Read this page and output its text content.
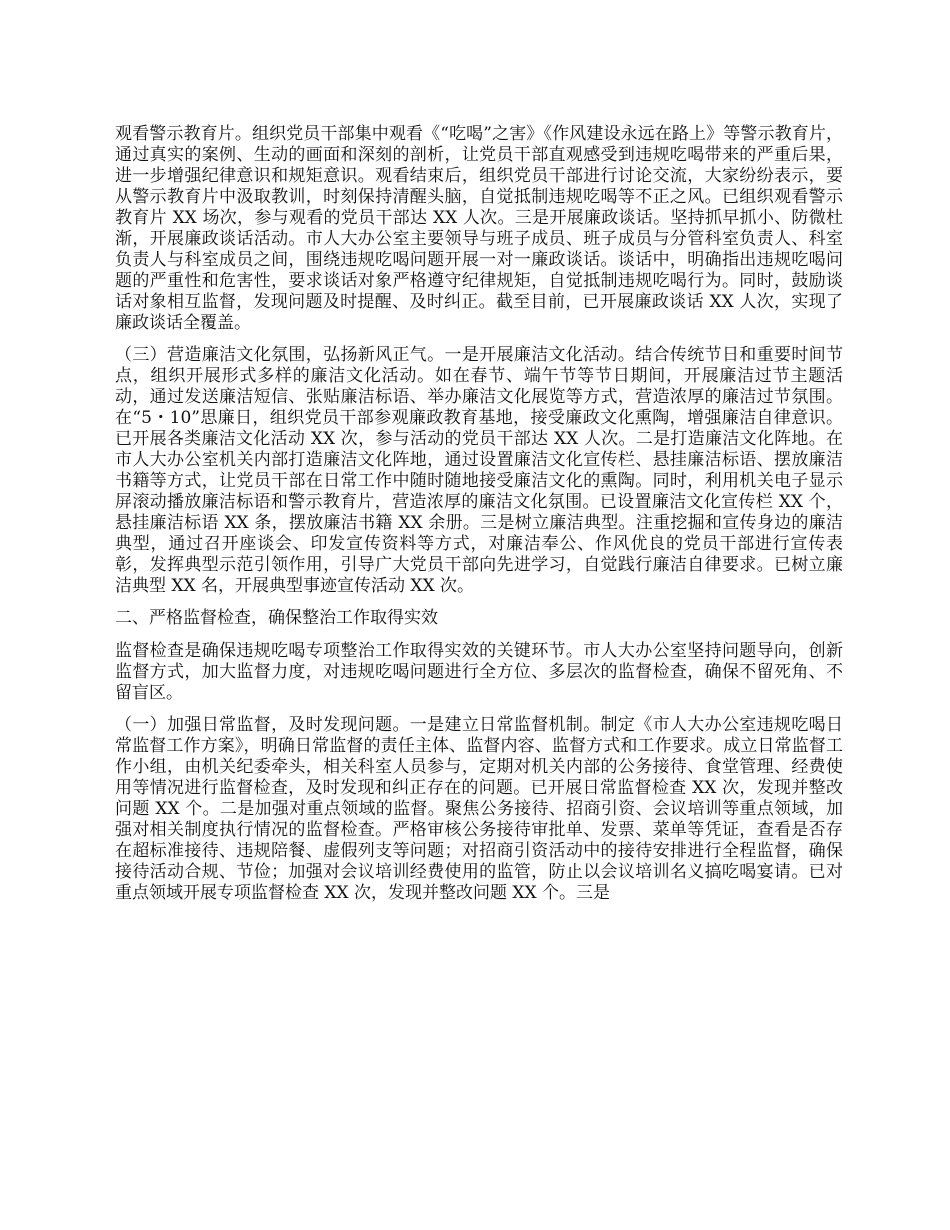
观看警示教育片。组织党员干部集中观看《“吃喝”之害》《作风建设永远在路上》等警示教育片，通过真实的案例、生动的画面和深刻的剖析，让党员干部直观感受到违规吃喝带来的严重后果，进一步增强纪律意识和规矩意识。观看结束后，组织党员干部进行讨论交流，大家纷纷表示，要从警示教育片中汲取教训，时刻保持清醒头脑，自觉抵制违规吃喝等不正之风。已组织观看警示教育片 XX 场次，参与观看的党员干部达 XX 人次。三是开展廉政谈话。坚持抓早抓小、防微杜渐，开展廉政谈话活动。市人大办公室主要领导与班子成员、班子成员与分管科室负责人、科室负责人与科室成员之间，围绕违规吃喝问题开展一对一廉政谈话。谈话中，明确指出违规吃喝问题的严重性和危害性，要求谈话对象严格遵守纪律规矩，自觉抵制违规吃喝行为。同时，鼓励谈话对象相互监督，发现问题及时提醒、及时纠正。截至目前，已开展廉政谈话 XX 人次，实现了廉政谈话全覆盖。

（三）营造廉洁文化氛围，弘扬新风正气。一是开展廉洁文化活动。结合传统节日和重要时间节点，组织开展形式多样的廉洁文化活动。如在春节、端午节等节日期间，开展廉洁过节主题活动，通过发送廉洁短信、张贴廉洁标语、举办廉洁文化展览等方式，营造浓厚的廉洁过节氛围。在“5・10”思廉日，组织党员干部参观廉政教育基地，接受廉政文化熏陶，增强廉洁自律意识。已开展各类廉洁文化活动 XX 次，参与活动的党员干部达 XX 人次。二是打造廉洁文化阵地。在市人大办公室机关内部打造廉洁文化阵地，通过设置廉洁文化宣传栏、悬挂廉洁标语、摆放廉洁书籍等方式，让党员干部在日常工作中随时随地接受廉洁文化的熏陶。同时，利用机关电子显示屏滚动播放廉洁标语和警示教育片，营造浓厚的廉洁文化氛围。已设置廉洁文化宣传栏 XX 个，悬挂廉洁标语 XX 条，摆放廉洁书籍 XX 余册。三是树立廉洁典型。注重挖掘和宣传身边的廉洁典型，通过召开座谈会、印发宣传资料等方式，对廉洁奉公、作风优良的党员干部进行宣传表彰，发挥典型示范引领作用，引导广大党员干部向先进学习，自觉践行廉洁自律要求。已树立廉洁典型 XX 名，开展典型事迹宣传活动 XX 次。

二、严格监督检查，确保整治工作取得实效

监督检查是确保违规吃喝专项整治工作取得实效的关键环节。市人大办公室坚持问题导向，创新监督方式，加大监督力度，对违规吃喝问题进行全方位、多层次的监督检查，确保不留死角、不留盲区。

（一）加强日常监督，及时发现问题。一是建立日常监督机制。制定《市人大办公室违规吃喝日常监督工作方案》，明确日常监督的责任主体、监督内容、监督方式和工作要求。成立日常监督工作小组，由机关纪委牵头，相关科室人员参与，定期对机关内部的公务接待、食堂管理、经费使用等情况进行监督检查，及时发现和纠正存在的问题。已开展日常监督检查 XX 次，发现并整改问题 XX 个。二是加强对重点领域的监督。聚焦公务接待、招商引资、会议培训等重点领域，加强对相关制度执行情况的监督检查。严格审核公务接待审批单、发票、菜单等凭证，查看是否存在超标准接待、违规陪餐、虚假列支等问题；对招商引资活动中的接待安排进行全程监督，确保接待活动合规、节俭；加强对会议培训经费使用的监管，防止以会议培训名义搞吃喝宴请。已对重点领域开展专项监督检查 XX 次，发现并整改问题 XX 个。三是
